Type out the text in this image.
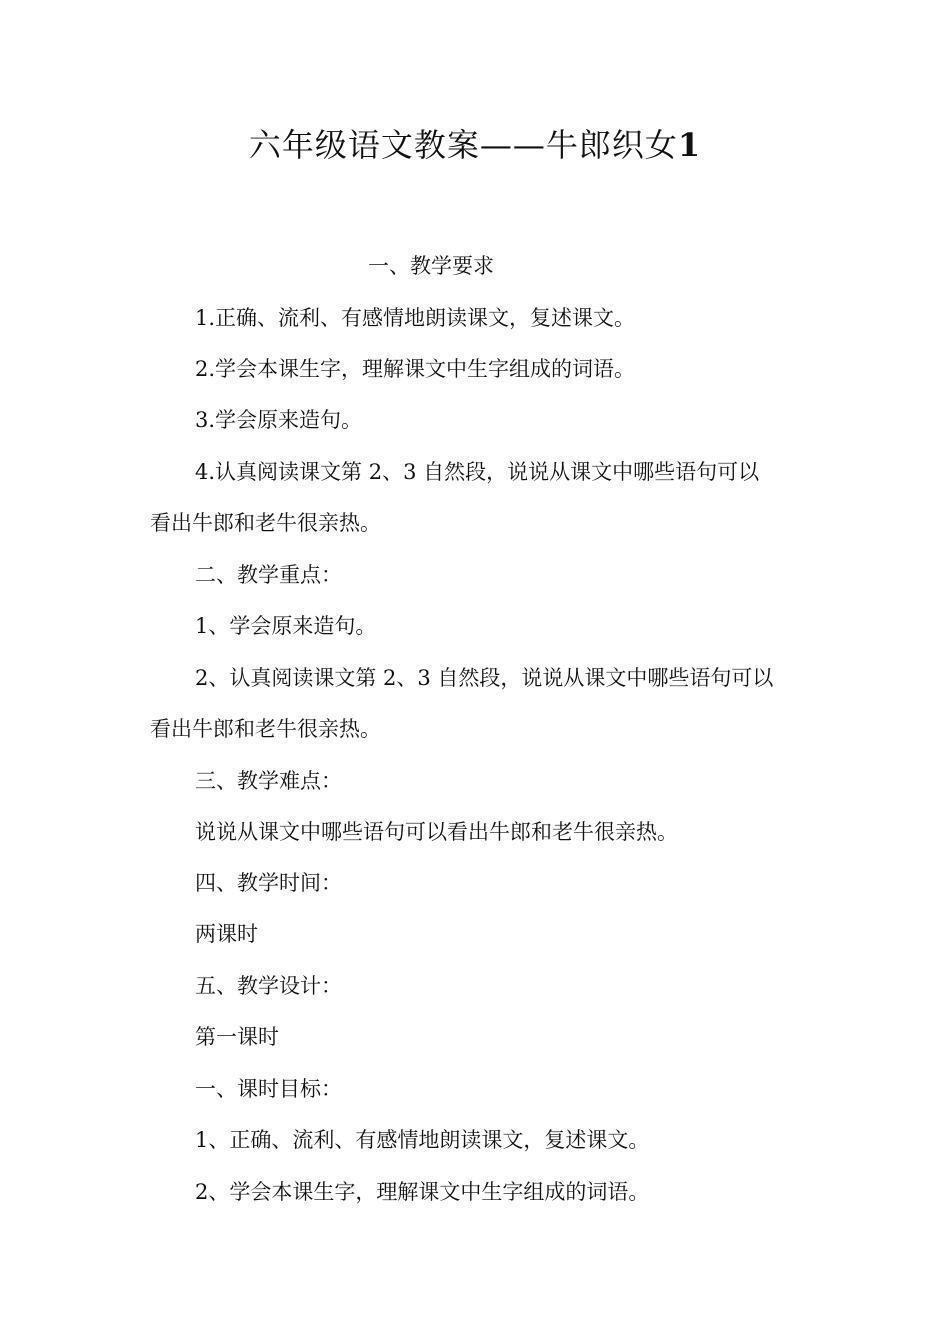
六年级语文教案——牛郎织女1
一、教学要求
1.正确、流利、有感情地朗读课文，复述课文。
2.学会本课生字，理解课文中生字组成的词语。
3.学会原来造句。
4.认真阅读课文第 2、3 自然段，说说从课文中哪些语句可以
看出牛郎和老牛很亲热。
二、教学重点：
1、学会原来造句。
2、认真阅读课文第 2、3 自然段，说说从课文中哪些语句可以
看出牛郎和老牛很亲热。
三、教学难点：
说说从课文中哪些语句可以看出牛郎和老牛很亲热。
四、教学时间：
两课时
五、教学设计：
第一课时
一、课时目标：
1、正确、流利、有感情地朗读课文，复述课文。
2、学会本课生字，理解课文中生字组成的词语。
